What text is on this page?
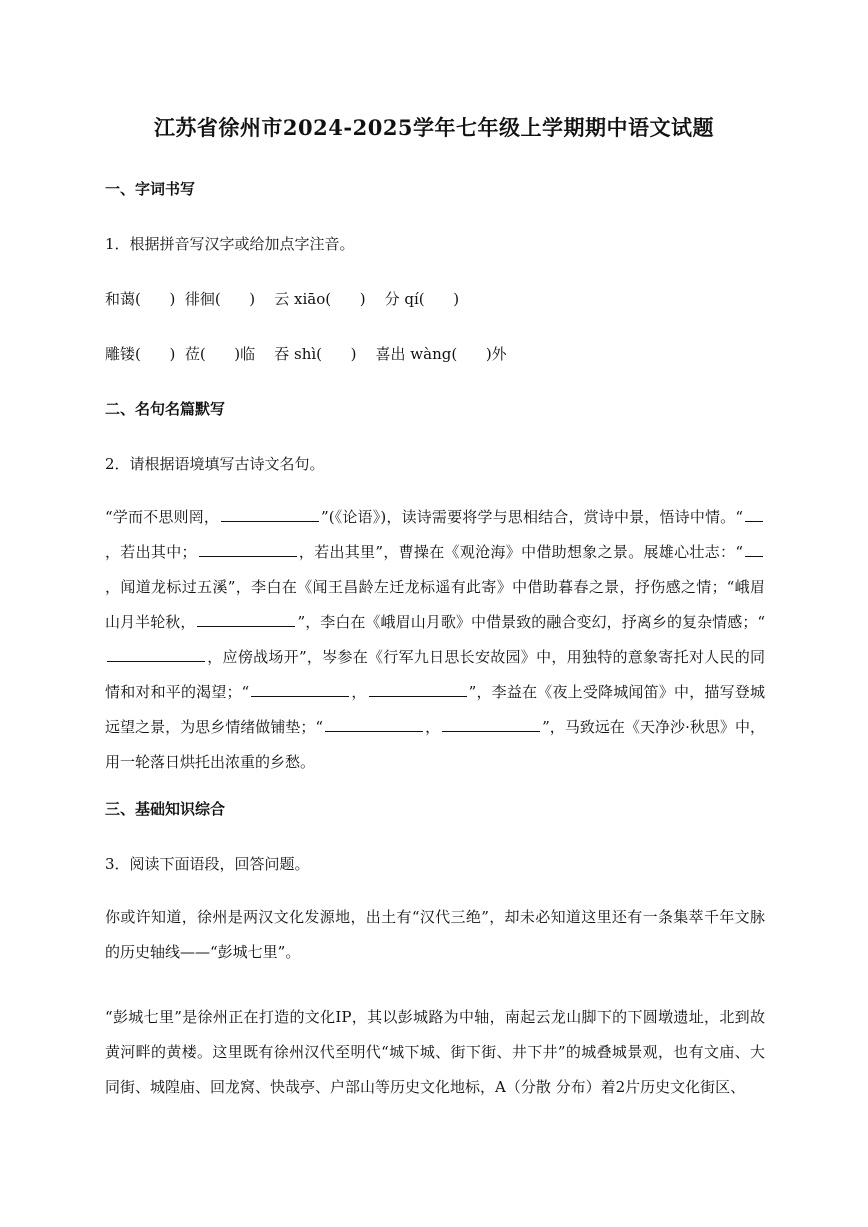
江苏省徐州市2024-2025学年七年级上学期期中语文试题
一、字词书写
1．根据拼音写汉字或给加点字注音。
和蔼(      )  徘徊(      )    云 xiāo(      )    分 qí(      )
雕镂(      )  莅(      )临    吞 shì(      )    喜出 wàng(      )外
二、名句名篇默写
2．请根据语境填写古诗文名句。
“学而不思则罔，	”(《论语》)，读诗需要将学与思相结合，赏诗中景，悟诗中情。“，若出其中；	，若出其里”，曹操在《观沧海》中借助想象之景。展雄心壮志：“，闻道龙标过五溪”，李白在《闻王昌龄左迁龙标遥有此寄》中借助暮春之景，抒伤感之情；“峨眉山月半轮秋，	”，李白在《峨眉山月歌》中借景致的融合变幻，抒离乡的复杂情感；“，应傍战场开”，岑参在《行军九日思长安故园》中，用独特的意象寄托对人民的同情和对和平的渴望；“	，	”，李益在《夜上受降城闻笛》中，描写登城远望之景，为思乡情绪做铺垫；“	，	”，马致远在《天净沙·秋思》中，用一轮落日烘托出浓重的乡愁。
三、基础知识综合
3．阅读下面语段，回答问题。
你或许知道，徐州是两汉文化发源地，出土有“汉代三绝”，却未必知道这里还有一条集萃千年文脉的历史轴线——“彭城七里”。
“彭城七里”是徐州正在打造的文化IP，其以彭城路为中轴，南起云龙山脚下的下圆墩遗址，北到故黄河畔的黄楼。这里既有徐州汉代至明代“城下城、街下街、井下井”的城叠城景观，也有文庙、大同街、城隍庙、回龙窝、快哉亭、户部山等历史文化地标，A（分散 分布）着2片历史文化街区、
